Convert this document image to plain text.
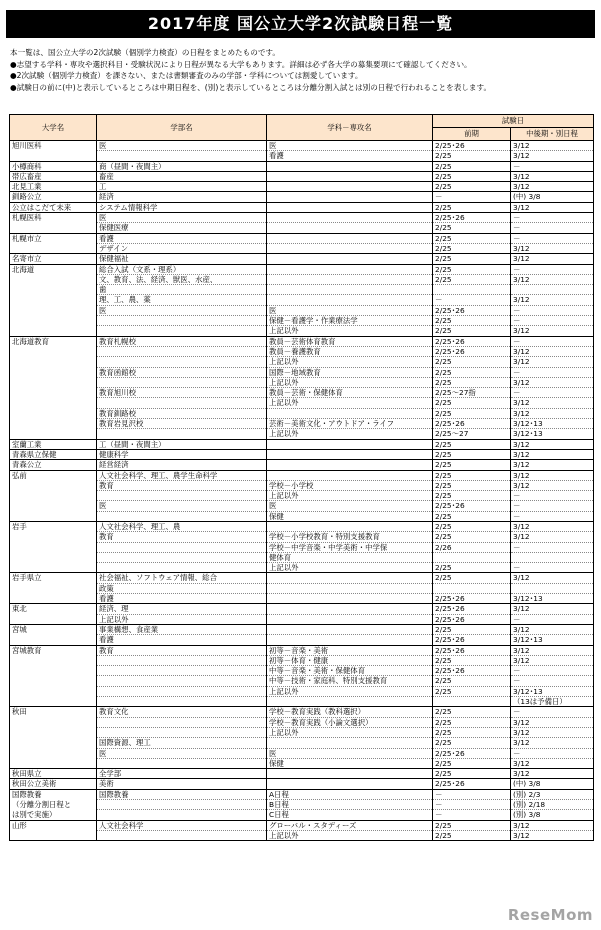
2017年度 国公立大学2次試験日程一覧
本一覧は、国公立大学の2次試験（個別学力検査）の日程をまとめたものです。
●志望する学科・専攻や選択科目・受験状況により日程が異なる大学もあります。詳細は必ず各大学の募集要項にて確認してください。
●2次試験（個別学力検査）を課さない、または書類審査のみの学部・学科については割愛しています。
●試験日の前に(中)と表示しているところは中期日程を、(別)と表示しているところは分離分割入試とは別の日程で行われることを表します。
大学名	学部名	学科－専攻名	試験日	
			前期	中後期・別日程
旭川医科	医	医	2/25･26	3/12
		看護	2/25	3/12
小樽商科	商（昼間・夜間主）		2/25	－
帯広畜産	畜産		2/25	3/12
北見工業	工		2/25	3/12
釧路公立	経済		－	(中) 3/8
公立はこだて未来	システム情報科学		2/25	3/12
札幌医科	医		2/25･26	－
	保健医療		2/25	－
札幌市立	看護		2/25	－
	デザイン		2/25	3/12
名寄市立	保健福祉		2/25	3/12
北海道	総合入試（文系・理系）		2/25	－
	文、教育、法、経済、獣医、水産、		2/25	3/12
	歯			
	理、工、農、薬		－	3/12
	医	医	2/25･26	－
		保健－看護学・作業療法学	2/25	－
		上記以外	2/25	3/12
北海道教育	教育札幌校	教員－芸術体育教育	2/25･26	－
		教員－養護教育	2/25･26	3/12
		上記以外	2/25	3/12
	教育函館校	国際－地域教育	2/25	－
		上記以外	2/25	3/12
	教育旭川校	教員－芸術・保健体育	2/25～27指	－
		上記以外	2/25	3/12
	教育釧路校		2/25	3/12
	教育岩見沢校	芸術－美術文化・アウトドア・ライフ	2/25･26	3/12･13
		上記以外	2/25～27	3/12･13
室蘭工業	工（昼間・夜間主）		2/25	3/12
青森県立保健	健康科学		2/25	3/12
青森公立	経営経済		2/25	3/12
弘前	人文社会科学、理工、農学生命科学		2/25	3/12
	教育	学校－小学校	2/25	3/12
		上記以外	2/25	－
	医	医	2/25･26	－
		保健	2/25	－
岩手	人文社会科学、理工、農		2/25	3/12
	教育	学校－小学校教育・特別支援教育	2/25	3/12
		学校－中学音楽・中学美術・中学保	2/26	－
		健体育		
		上記以外	2/25	－
岩手県立	社会福祉、ソフトウェア情報、総合		2/25	3/12
	政策			
	看護		2/25･26	3/12･13
東北	経済、理		2/25･26	3/12
	上記以外		2/25･26	－
宮城	事業構想、食産業		2/25	3/12
	看護		2/25･26	3/12･13
宮城教育	教育	初等－音楽・美術	2/25･26	3/12
		初等－体育・健康	2/25	3/12
		中等－音楽・美術・保健体育	2/25･26	－
		中等－技術・家庭科、特別支援教育	2/25	－
		上記以外	2/25	3/12･13
				（13は予備日）
秋田	教育文化	学校－教育実践（教科選択）	2/25	－
		学校－教育実践（小論文選択）	2/25	3/12
		上記以外	2/25	3/12
	国際資源、理工		2/25	3/12
	医	医	2/25･26	－
		保健	2/25	3/12
秋田県立	全学部		2/25	3/12
秋田公立美術	美術		2/25･26	(中) 3/8
国際教養	国際教養	A日程	－	(別) 2/3
（分離分割日程と		B日程	－	(別) 2/18
は別で実施）		C日程	－	(別) 3/8
山形	人文社会科学	グローバル・スタディーズ	2/25	3/12
		上記以外	2/25	3/12
ReseMom
